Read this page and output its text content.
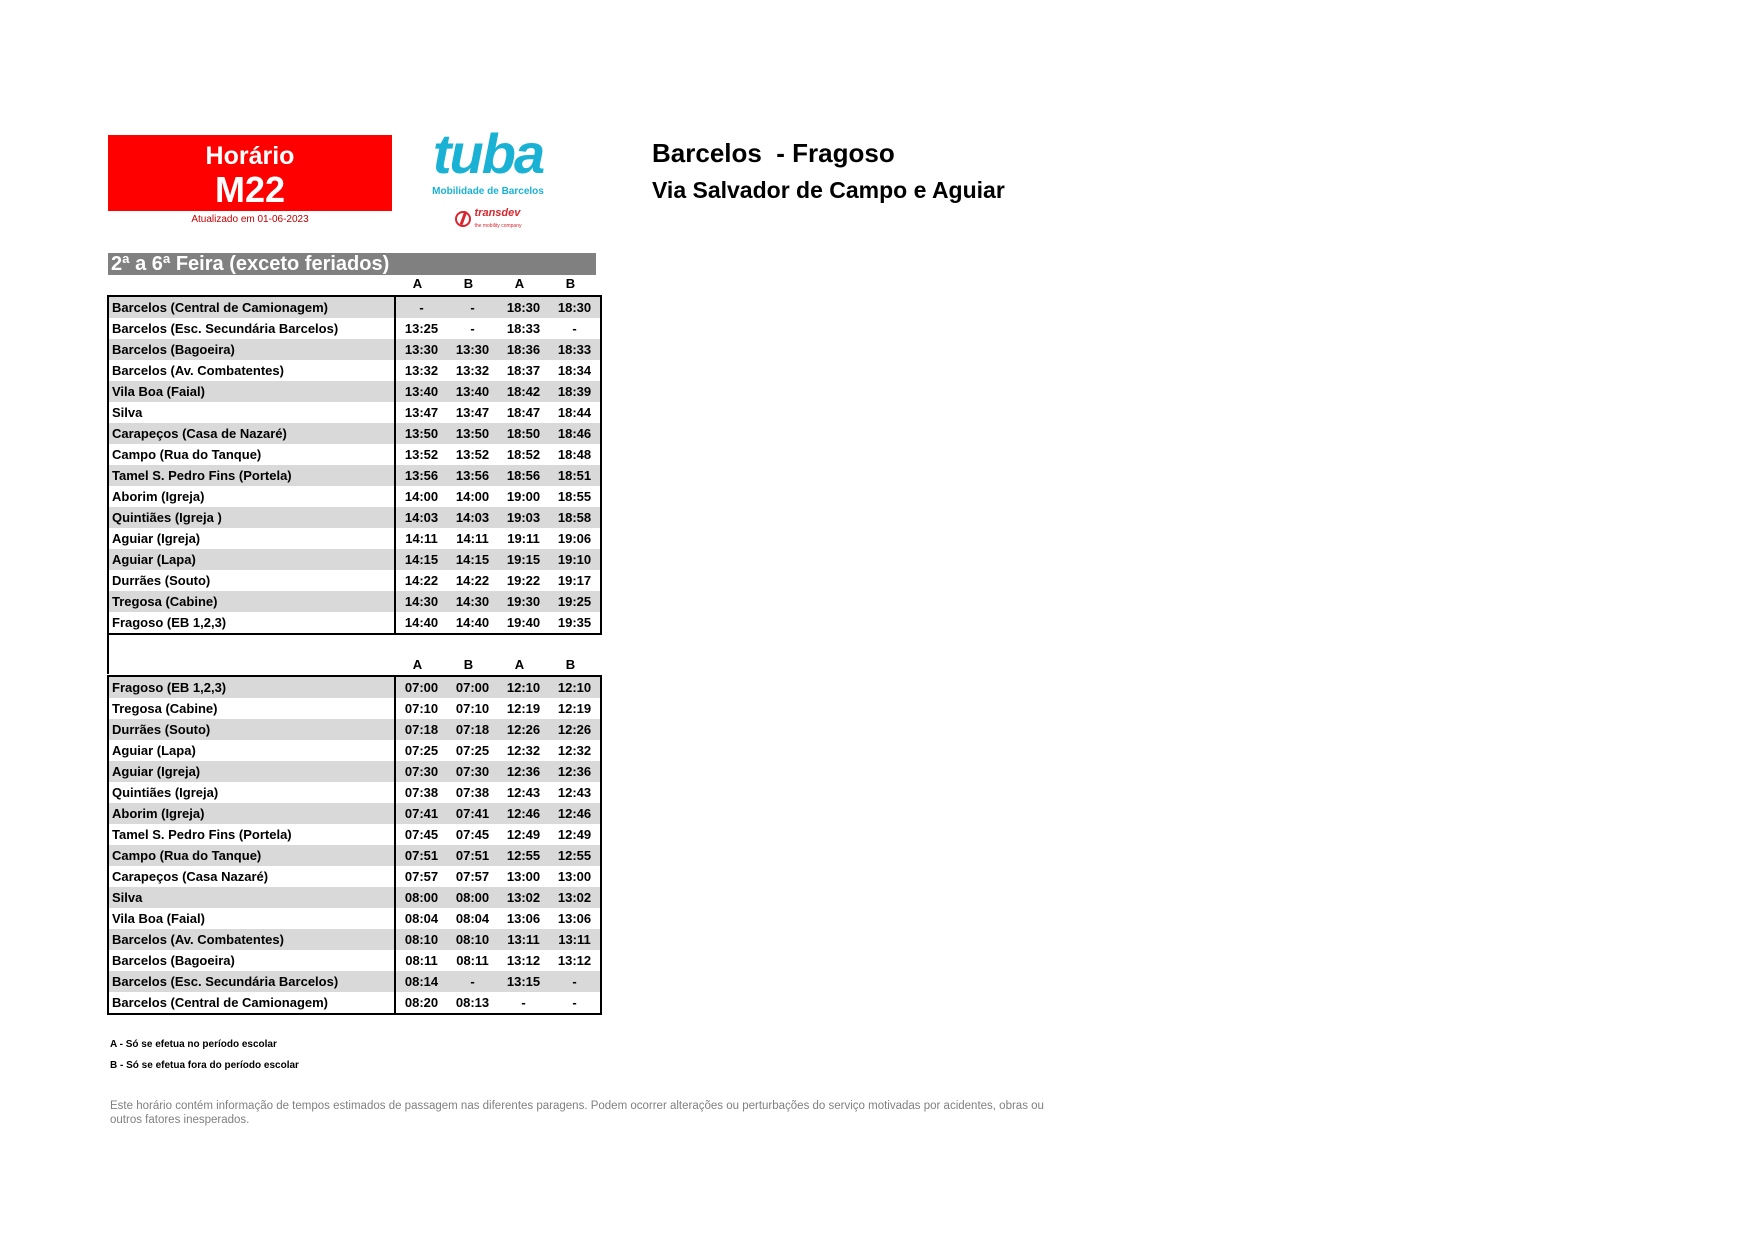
Horário
M22
Atualizado em 01-06-2023
tuba
Mobilidade de Barcelos
transdev
the mobility company
Barcelos  - Fragoso
Via Salvador de Campo e Aguiar
2ª a 6ª Feira (exceto feriados)
A	B	A	B
Barcelos (Central de Camionagem)	-	-	18:30	18:30
Barcelos (Esc. Secundária Barcelos)	13:25	-	18:33	-
Barcelos (Bagoeira)	13:30	13:30	18:36	18:33
Barcelos (Av. Combatentes)	13:32	13:32	18:37	18:34
Vila Boa (Faial)	13:40	13:40	18:42	18:39
Silva	13:47	13:47	18:47	18:44
Carapeços (Casa de Nazaré)	13:50	13:50	18:50	18:46
Campo (Rua do Tanque)	13:52	13:52	18:52	18:48
Tamel S. Pedro Fins (Portela)	13:56	13:56	18:56	18:51
Aborim (Igreja)	14:00	14:00	19:00	18:55
Quintiães (Igreja )	14:03	14:03	19:03	18:58
Aguiar (Igreja)	14:11	14:11	19:11	19:06
Aguiar (Lapa)	14:15	14:15	19:15	19:10
Durrães (Souto)	14:22	14:22	19:22	19:17
Tregosa (Cabine)	14:30	14:30	19:30	19:25
Fragoso (EB 1,2,3)	14:40	14:40	19:40	19:35
A	B	A	B
Fragoso (EB 1,2,3)	07:00	07:00	12:10	12:10
Tregosa (Cabine)	07:10	07:10	12:19	12:19
Durrães (Souto)	07:18	07:18	12:26	12:26
Aguiar (Lapa)	07:25	07:25	12:32	12:32
Aguiar (Igreja)	07:30	07:30	12:36	12:36
Quintiães (Igreja)	07:38	07:38	12:43	12:43
Aborim (Igreja)	07:41	07:41	12:46	12:46
Tamel S. Pedro Fins (Portela)	07:45	07:45	12:49	12:49
Campo (Rua do Tanque)	07:51	07:51	12:55	12:55
Carapeços (Casa Nazaré)	07:57	07:57	13:00	13:00
Silva	08:00	08:00	13:02	13:02
Vila Boa (Faial)	08:04	08:04	13:06	13:06
Barcelos (Av. Combatentes)	08:10	08:10	13:11	13:11
Barcelos (Bagoeira)	08:11	08:11	13:12	13:12
Barcelos (Esc. Secundária Barcelos)	08:14	-	13:15	-
Barcelos (Central de Camionagem)	08:20	08:13	-	-
A - Só se efetua no período escolar
B - Só se efetua fora do período escolar
Este horário contém informação de tempos estimados de passagem nas diferentes paragens. Podem ocorrer alterações ou perturbações do serviço motivadas por acidentes, obras ou outros fatores inesperados.
